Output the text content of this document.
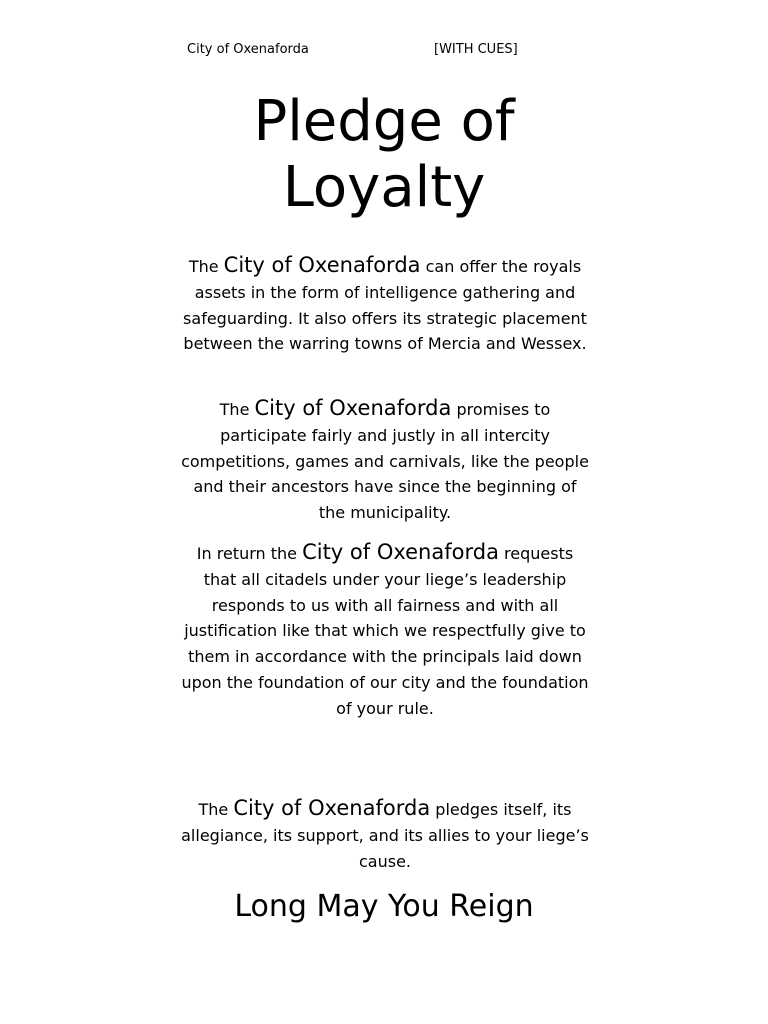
City of Oxenaforda	[WITH CUES]
Pledge of
Loyalty

The City of Oxenaforda can offer the royals assets in the form of intelligence gathering and safeguarding. It also offers its strategic placement between the warring towns of Mercia and Wessex.

The City of Oxenaforda promises to participate fairly and justly in all intercity competitions, games and carnivals, like the people and their ancestors have since the beginning of the municipality.

In return the City of Oxenaforda requests that all citadels under your liege’s leadership responds to us with all fairness and with all justification like that which we respectfully give to them in accordance with the principals laid down upon the foundation of our city and the foundation of your rule.

The City of Oxenaforda pledges itself, its allegiance, its support, and its allies to your liege’s cause.

Long May You Reign
